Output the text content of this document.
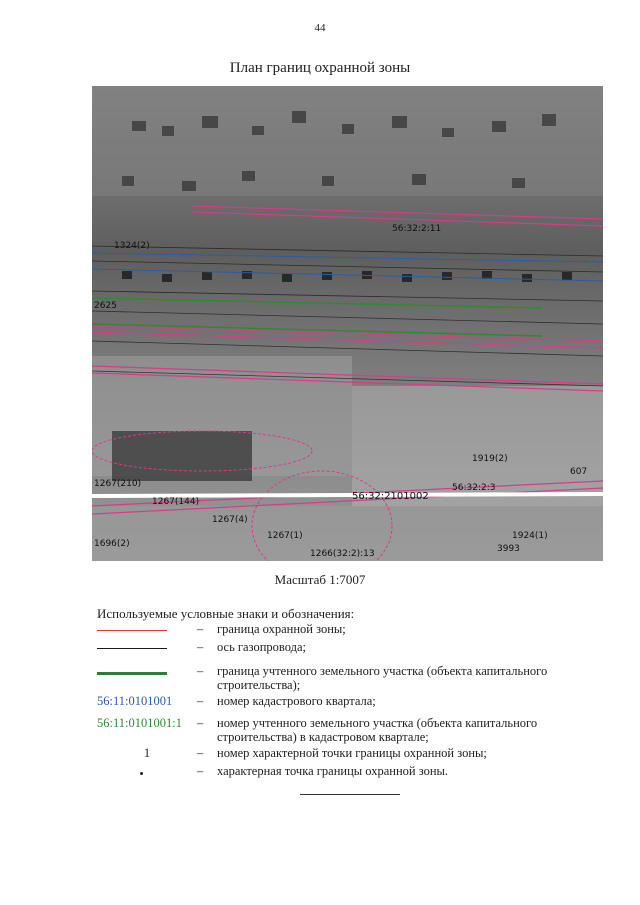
44
План границ охранной зоны
56:32:2:11
56:32:2101002
1266(32:2):13
1324(2)
1267(210)
1267(144)
1267(4)
1267(1)
1696(2)
2625
56:32:2:3
1919(2)
607
1924(1)
3993
Масштаб 1:7007
Используемые условные знаки и обозначения:
–	граница охранной зоны;
–	ось газопровода;
–	граница учтенного земельного участка (объекта капитального строительства);
56:11:0101001	–	номер кадастрового квартала;
56:11:0101001:1	–	номер учтенного земельного участка (объекта капитального строительства) в кадастровом квартале;
1	–	номер характерной точки границы охранной зоны;
–	характерная точка границы охранной зоны.
